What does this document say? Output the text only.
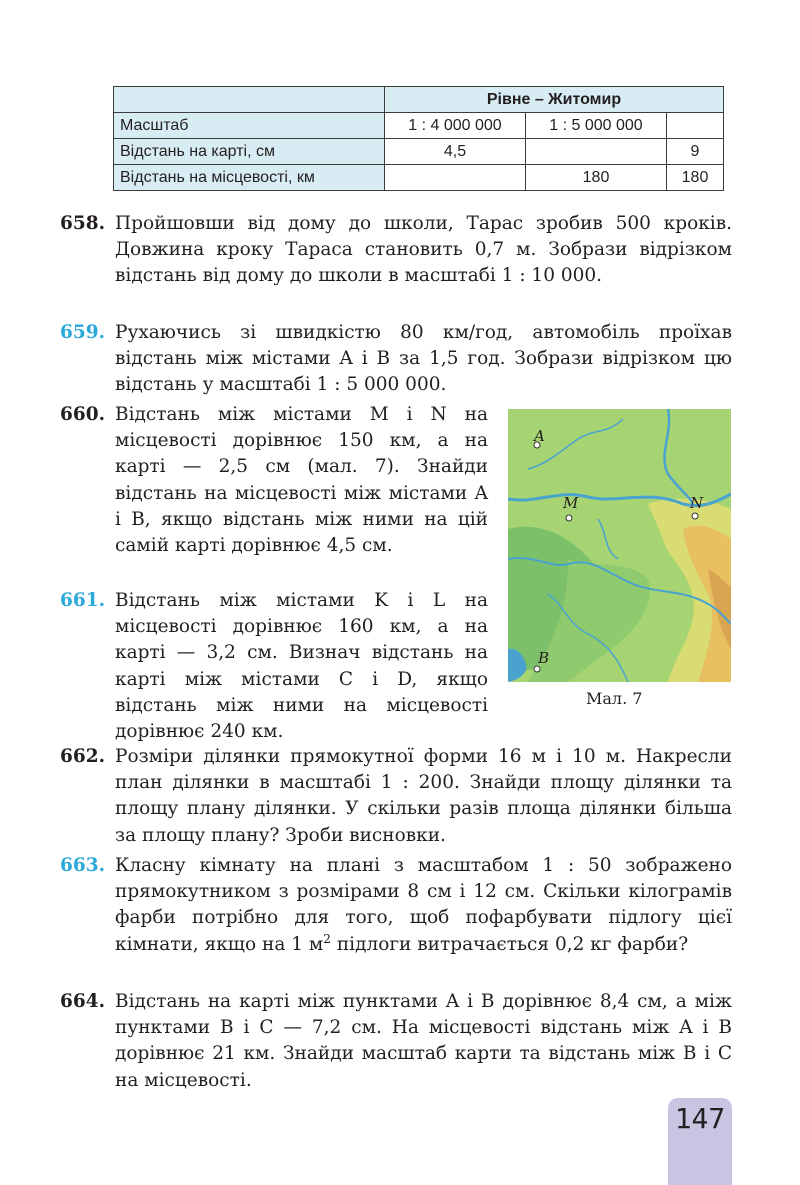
	Рівне – Житомир		
Масштаб	1 : 4 000 000	1 : 5 000 000	
Відстань на карті, см	4,5		9
Відстань на місцевості, км		180	180
658. Пройшовши від дому до школи, Тарас зробив 500 кроків. Довжина кроку Тараса становить 0,7 м. Зобрази відрізком відстань від дому до школи в масштабі 1 : 10 000.
659. Рухаючись зі швидкістю 80 км/год, автомобіль проїхав відстань між містами A і B за 1,5 год. Зобрази відрізком цю відстань у масштабі 1 : 5 000 000.
660. Відстань між містами M і N на місцевості дорівнює 150 км, а на карті — 2,5 см (мал. 7). Знайди відстань на місцевості між містами A і B, якщо відстань між ними на цій самій карті дорівнює 4,5 см.
661. Відстань між містами K і L на місцевості дорівнює 160 км, а на карті — 3,2 см. Визнач відстань на карті між містами C і D, якщо відстань між ними на місцевості дорівнює 240 км.
A
M	N
B
Мал. 7
662. Розміри ділянки прямокутної форми 16 м і 10 м. Накресли план ділянки в масштабі 1 : 200. Знайди площу ділянки та площу плану ділянки. У скільки разів площа ділянки більша за площу плану? Зроби висновки.
663. Класну кімнату на плані з масштабом 1 : 50 зображено прямокутником з розмірами 8 см і 12 см. Скільки кілограмів фарби потрібно для того, щоб пофарбувати підлогу цієї кімнати, якщо на 1 $м^2$ підлоги витрачається 0,2 кг фарби?
664. Відстань на карті між пунктами A і B дорівнює 8,4 см, а між пунктами B і C — 7,2 см. На місцевості відстань між A і B дорівнює 21 км. Знайди масштаб карти та відстань між B і C на місцевості.
147
